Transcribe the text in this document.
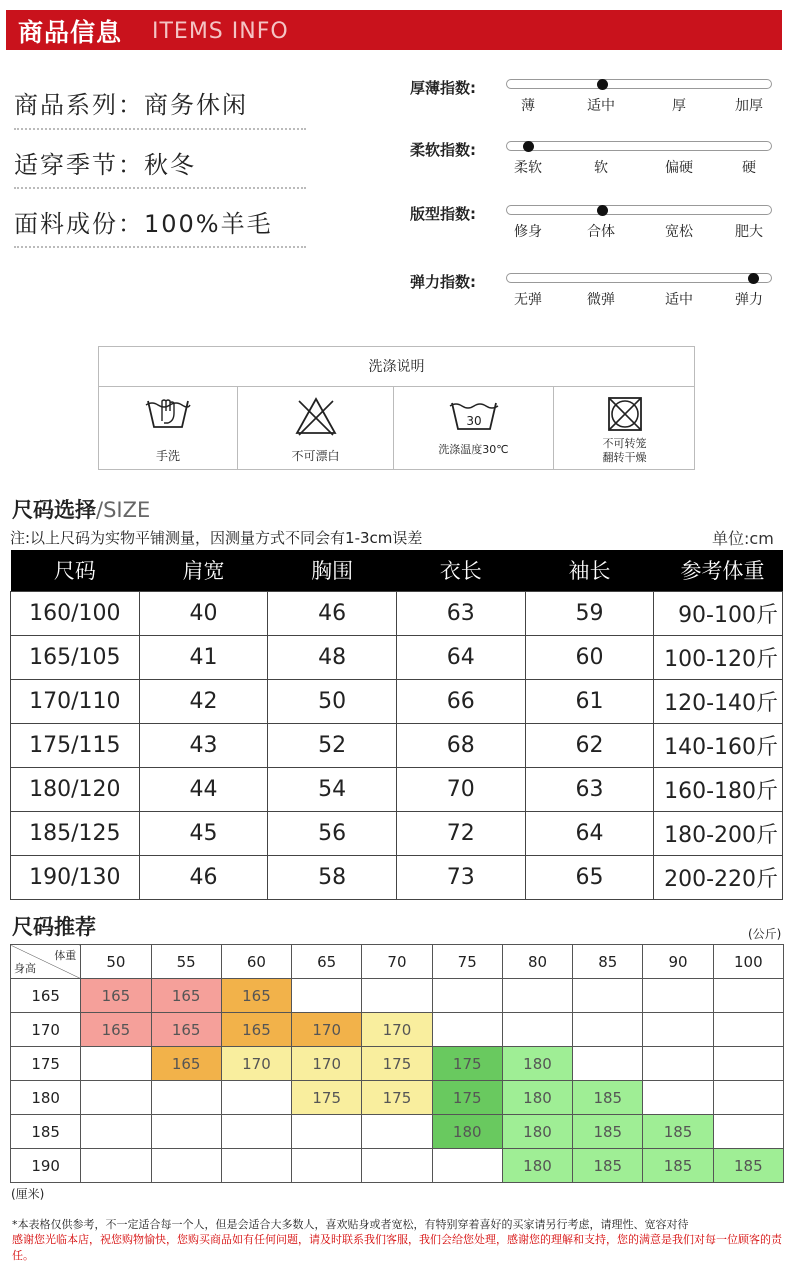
商品信息 ITEMS INFO
商品系列：商务休闲
适穿季节：秋冬
面料成份：100%羊毛
厚薄指数:
薄	适中	厚	加厚
柔软指数:
柔软	软	偏硬	硬
版型指数:
修身	合体	宽松	肥大
弹力指数:
无弹	微弹	适中	弹力
洗涤说明
手洗	不可漂白
30
洗涤温度30℃	不可转笼
翻转干燥
尺码选择/SIZE
注:以上尺码为实物平铺测量，因测量方式不同会有1-3cm误差	单位:cm
尺码	肩宽	胸围	衣长	袖长	参考体重
160/100	40	46	63	59	90-100斤
165/105	41	48	64	60	100-120斤
170/110	42	50	66	61	120-140斤
175/115	43	52	68	62	140-160斤
180/120	44	54	70	63	160-180斤
185/125	45	56	72	64	180-200斤
190/130	46	58	73	65	200-220斤
尺码推荐	(公斤)
体重
身高	50	55	60	65	70	75	80	85	90	100
165	165	165	165							
170	165	165	165	170	170					
175		165	170	170	175	175	180			
180				175	175	175	180	185		
185						180	180	185	185	
190							180	185	185	185
(厘米)
*本表格仅供参考，不一定适合每一个人，但是会适合大多数人，喜欢贴身或者宽松，有特别穿着喜好的买家请另行考虑，请理性、宽容对待
感谢您光临本店，祝您购物愉快，您购买商品如有任何问题，请及时联系我们客服，我们会给您处理，感谢您的理解和支持，您的满意是我们对每一位顾客的责任。
